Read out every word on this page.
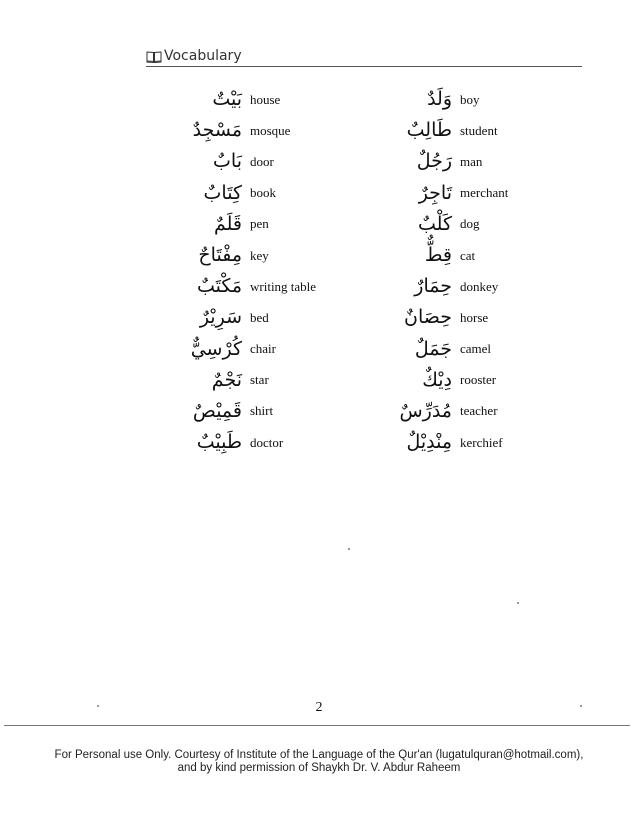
Vocabulary
بَيْتٌ house
مَسْجِدٌ mosque
بَابٌ door
كِتَابٌ book
قَلَمٌ pen
مِفْتَاحٌ key
مَكْتَبٌ writing table
سَرِيْرٌ bed
كُرْسِيٌّ chair
نَجْمٌ star
قَمِيْصٌ shirt
طَبِيْبٌ doctor
وَلَدٌ boy
طَالِبٌ student
رَجُلٌ man
تَاجِرٌ merchant
كَلْبٌ dog
قِطٌّ cat
حِمَارٌ donkey
حِصَانٌ horse
جَمَلٌ camel
دِيْكٌ rooster
مُدَرِّسٌ teacher
مِنْدِيْلٌ kerchief
2
For Personal use Only. Courtesy of Institute of the Language of the Qur'an (lugatulquran@hotmail.com),
and by kind permission of Shaykh Dr. V. Abdur Raheem
